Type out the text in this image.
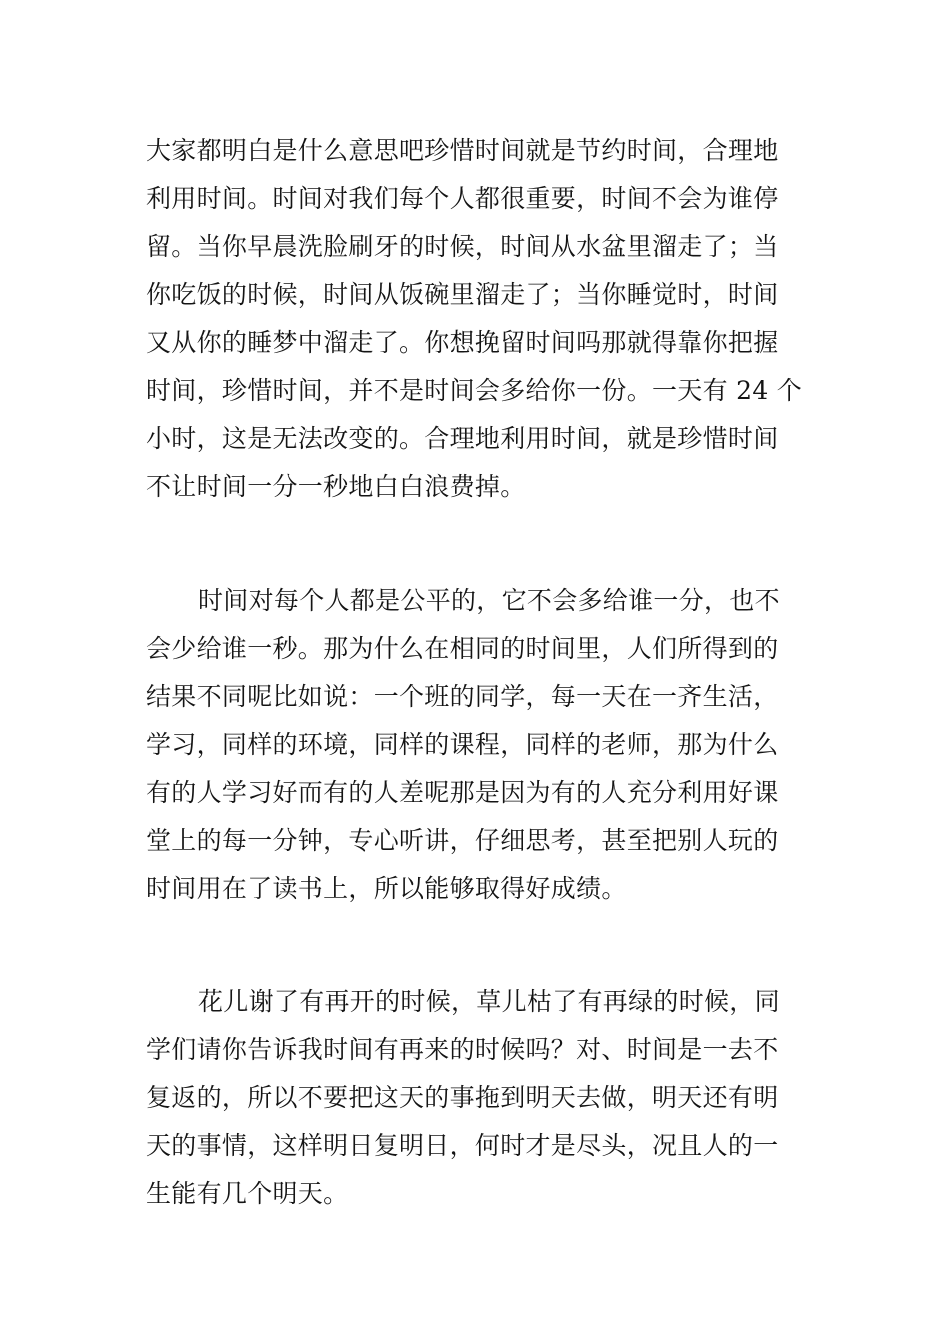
大家都明白是什么意思吧珍惜时间就是节约时间，合理地
利用时间。时间对我们每个人都很重要，时间不会为谁停
留。当你早晨洗脸刷牙的时候，时间从水盆里溜走了；当
你吃饭的时候，时间从饭碗里溜走了；当你睡觉时，时间
又从你的睡梦中溜走了。你想挽留时间吗那就得靠你把握
时间，珍惜时间，并不是时间会多给你一份。一天有 24 个
小时，这是无法改变的。合理地利用时间，就是珍惜时间
不让时间一分一秒地白白浪费掉。
时间对每个人都是公平的，它不会多给谁一分，也不
会少给谁一秒。那为什么在相同的时间里，人们所得到的
结果不同呢比如说：一个班的同学，每一天在一齐生活，
学习，同样的环境，同样的课程，同样的老师，那为什么
有的人学习好而有的人差呢那是因为有的人充分利用好课
堂上的每一分钟，专心听讲，仔细思考，甚至把别人玩的
时间用在了读书上，所以能够取得好成绩。
花儿谢了有再开的时候，草儿枯了有再绿的时候，同
学们请你告诉我时间有再来的时候吗？对、时间是一去不
复返的，所以不要把这天的事拖到明天去做，明天还有明
天的事情，这样明日复明日，何时才是尽头，况且人的一
生能有几个明天。
